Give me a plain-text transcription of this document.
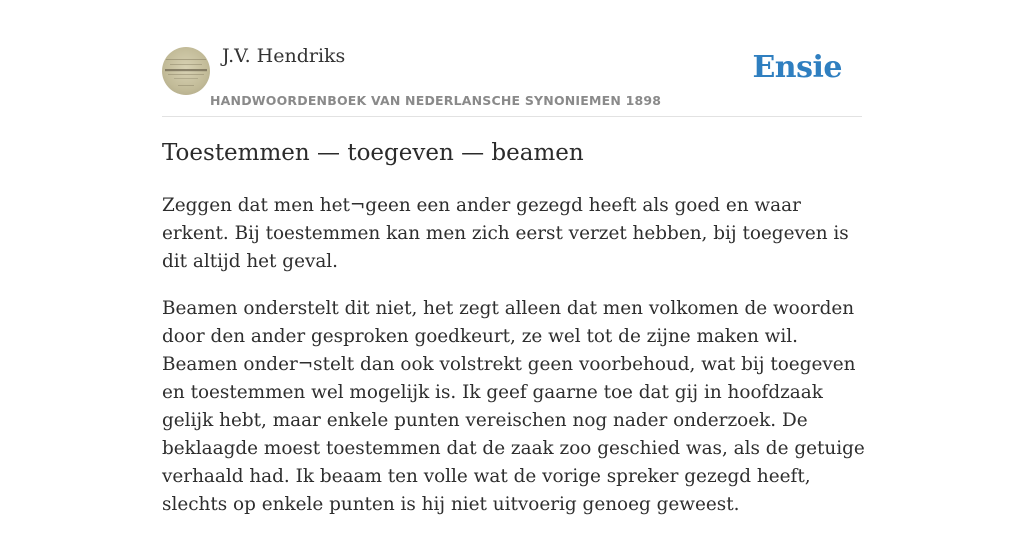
J.V. Hendriks
HANDWOORDENBOEK VAN NEDERLANSCHE SYNONIEMEN 1898
Ensie
Toestemmen — toegeven — beamen

Zeggen dat men het¬geen een ander gezegd heeft als goed en waar erkent. Bij toestemmen kan men zich eerst verzet hebben, bij toegeven is dit altijd het geval.

Beamen onderstelt dit niet, het zegt alleen dat men volkomen de woorden door den ander gesproken goedkeurt, ze wel tot de zijne maken wil. Beamen onder¬stelt dan ook volstrekt geen voorbehoud, wat bij toegeven en toestemmen wel mogelijk is. Ik geef gaarne toe dat gij in hoofdzaak gelijk hebt, maar enkele punten vereischen nog nader onderzoek. De beklaagde moest toestemmen dat de zaak zoo geschied was, als de getuige verhaald had. Ik beaam ten volle wat de vorige spreker gezegd heeft, slechts op enkele punten is hij niet uitvoerig genoeg geweest.
